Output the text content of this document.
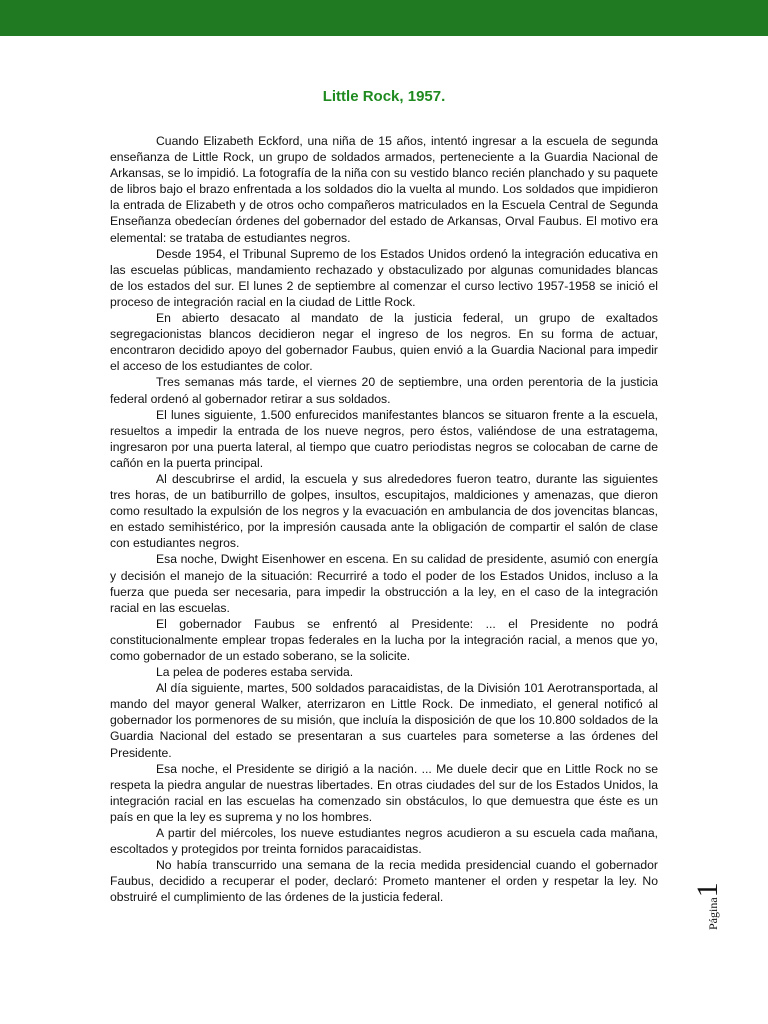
Little Rock, 1957.

Cuando Elizabeth Eckford, una niña de 15 años, intentó ingresar a la escuela de segunda enseñanza de Little Rock, un grupo de soldados armados, perteneciente a la Guardia Nacional de Arkansas, se lo impidió. La fotografía de la niña con su vestido blanco recién planchado y su paquete de libros bajo el brazo enfrentada a los soldados dio la vuelta al mundo. Los soldados que impidieron la entrada de Elizabeth y de otros ocho compañeros matriculados en la Escuela Central de Segunda Enseñanza obedecían órdenes del gobernador del estado de Arkansas, Orval Faubus. El motivo era elemental: se trataba de estudiantes negros.

Desde 1954, el Tribunal Supremo de los Estados Unidos ordenó la integración educativa en las escuelas públicas, mandamiento rechazado y obstaculizado por algunas comunidades blancas de los estados del sur. El lunes 2 de septiembre al comenzar el curso lectivo 1957-1958 se inició el proceso de integración racial en la ciudad de Little Rock.

En abierto desacato al mandato de la justicia federal, un grupo de exaltados segregacionistas blancos decidieron negar el ingreso de los negros. En su forma de actuar, encontraron decidido apoyo del gobernador Faubus, quien envió a la Guardia Nacional para impedir el acceso de los estudiantes de color.

Tres semanas más tarde, el viernes 20 de septiembre, una orden perentoria de la justicia federal ordenó al gobernador retirar a sus soldados.

El lunes siguiente, 1.500 enfurecidos manifestantes blancos se situaron frente a la escuela, resueltos a impedir la entrada de los nueve negros, pero éstos, valiéndose de una estratagema, ingresaron por una puerta lateral, al tiempo que cuatro periodistas negros se colocaban de carne de cañón en la puerta principal.

Al descubrirse el ardid, la escuela y sus alrededores fueron teatro, durante las siguientes tres horas, de un batiburrillo de golpes, insultos, escupitajos, maldiciones y amenazas, que dieron como resultado la expulsión de los negros y la evacuación en ambulancia de dos jovencitas blancas, en estado semihistérico, por la impresión causada ante la obligación de compartir el salón de clase con estudiantes negros.

Esa noche, Dwight Eisenhower en escena. En su calidad de presidente, asumió con energía y decisión el manejo de la situación: Recurriré a todo el poder de los Estados Unidos, incluso a la fuerza que pueda ser necesaria, para impedir la obstrucción a la ley, en el caso de la integración racial en las escuelas.

El gobernador Faubus se enfrentó al Presidente: ... el Presidente no podrá constitucionalmente emplear tropas federales en la lucha por la integración racial, a menos que yo, como gobernador de un estado soberano, se la solicite.

La pelea de poderes estaba servida.

Al día siguiente, martes, 500 soldados paracaidistas, de la División 101 Aerotransportada, al mando del mayor general Walker, aterrizaron en Little Rock. De inmediato, el general notificó al gobernador los pormenores de su misión, que incluía la disposición de que los 10.800 soldados de la Guardia Nacional del estado se presentaran a sus cuarteles para someterse a las órdenes del Presidente.

Esa noche, el Presidente se dirigió a la nación. ... Me duele decir que en Little Rock no se respeta la piedra angular de nuestras libertades. En otras ciudades del sur de los Estados Unidos, la integración racial en las escuelas ha comenzado sin obstáculos, lo que demuestra que éste es un país en que la ley es suprema y no los hombres.

A partir del miércoles, los nueve estudiantes negros acudieron a su escuela cada mañana, escoltados y protegidos por treinta fornidos paracaidistas.

No había transcurrido una semana de la recia medida presidencial cuando el gobernador Faubus, decidido a recuperar el poder, declaró: Prometo mantener el orden y respetar la ley. No obstruiré el cumplimiento de las órdenes de la justicia federal.	Página1
